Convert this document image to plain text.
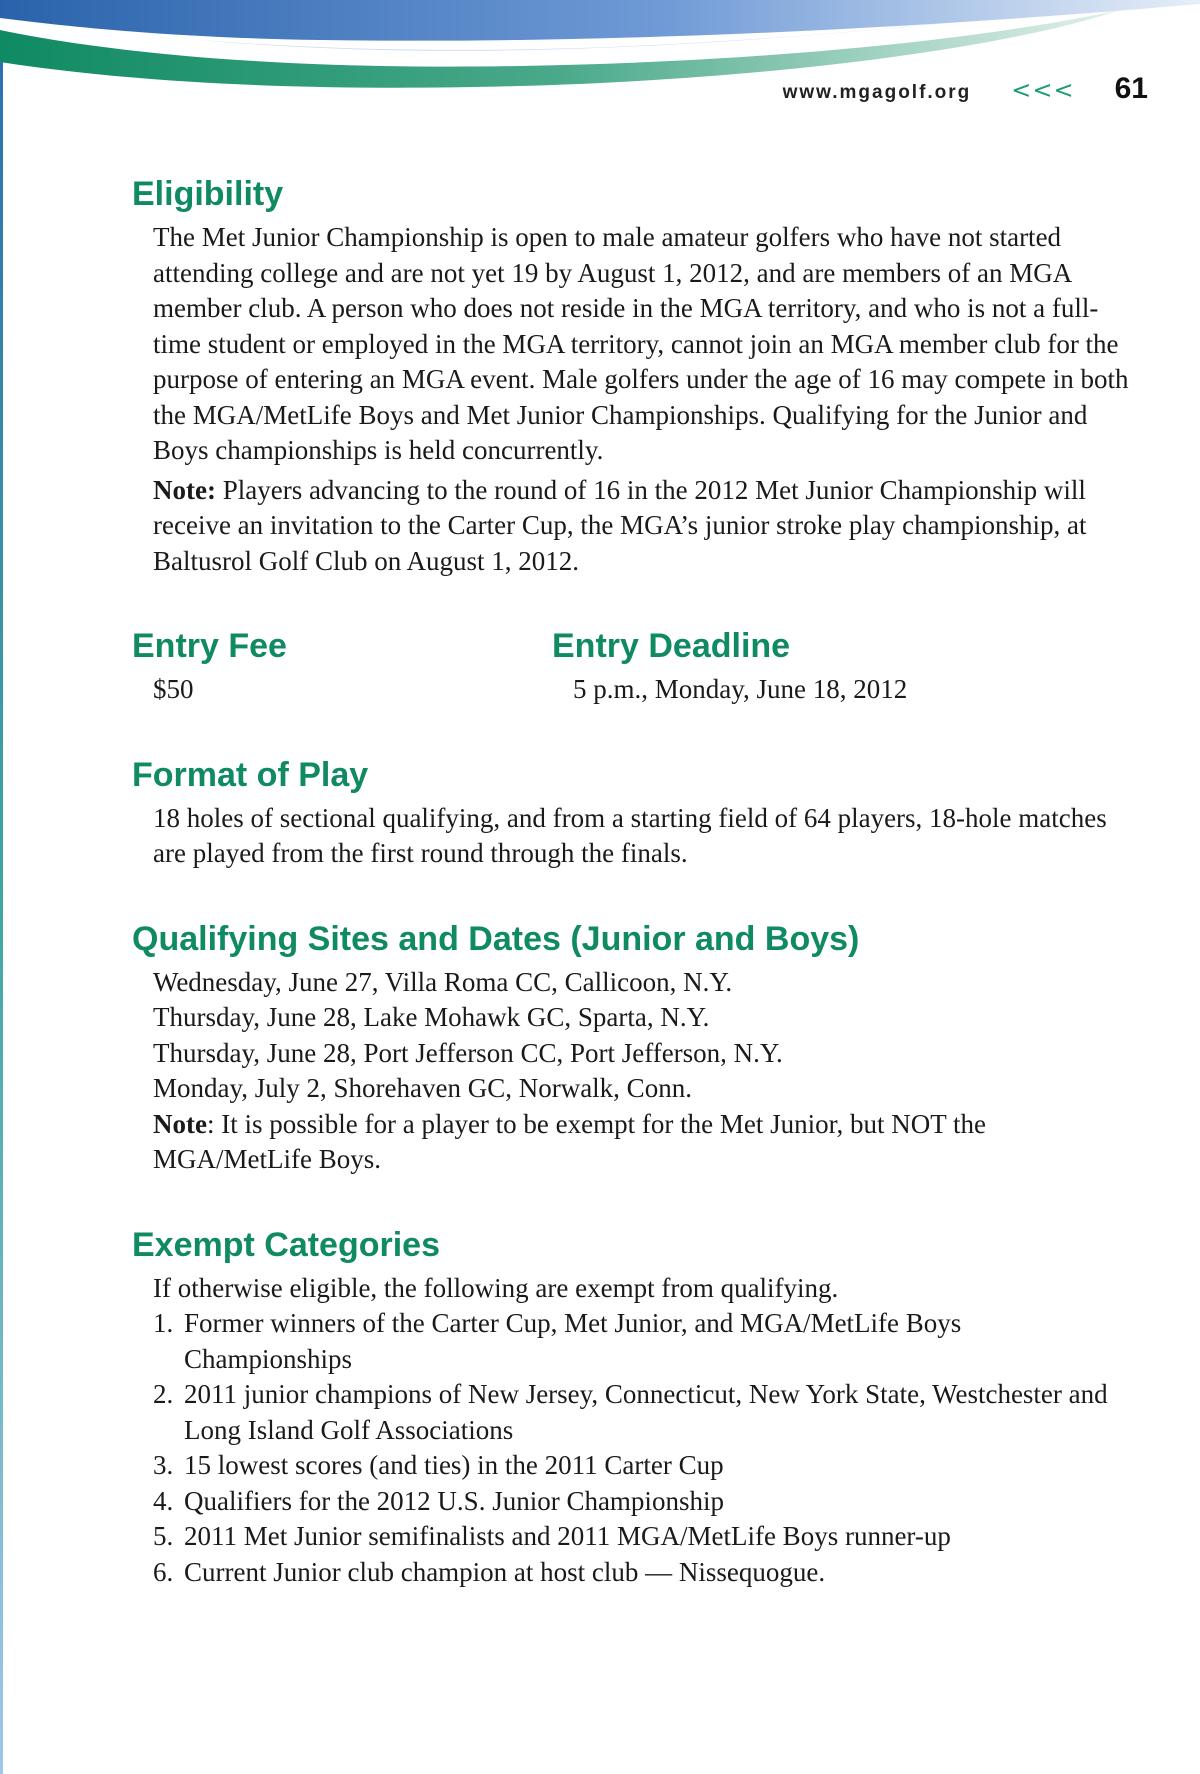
www.mgagolf.org <<< 61
Eligibility

The Met Junior Championship is open to male amateur golfers who have not started attending college and are not yet 19 by August 1, 2012, and are members of an MGA member club. A person who does not reside in the MGA territory, and who is not a full-time student or employed in the MGA territory, cannot join an MGA member club for the purpose of entering an MGA event. Male golfers under the age of 16 may compete in both the MGA/MetLife Boys and Met Junior Championships. Qualifying for the Junior and Boys championships is held concurrently.

Note: Players advancing to the round of 16 in the 2012 Met Junior Championship will receive an invitation to the Carter Cup, the MGA’s junior stroke play championship, at Baltusrol Golf Club on August 1, 2012.

Entry Fee

$50

Entry Deadline

5 p.m., Monday, June 18, 2012

Format of Play

18 holes of sectional qualifying, and from a starting field of 64 players, 18-hole matches are played from the first round through the finals.

Qualifying Sites and Dates (Junior and Boys)

Wednesday, June 27, Villa Roma CC, Callicoon, N.Y.

Thursday, June 28, Lake Mohawk GC, Sparta, N.Y.

Thursday, June 28, Port Jefferson CC, Port Jefferson, N.Y.

Monday, July 2, Shorehaven GC, Norwalk, Conn.

Note: It is possible for a player to be exempt for the Met Junior, but NOT the MGA/MetLife Boys.

Exempt Categories

If otherwise eligible, the following are exempt from qualifying.

1. Former winners of the Carter Cup, Met Junior, and MGA/MetLife Boys Championships
2. 2011 junior champions of New Jersey, Connecticut, New York State, Westchester and Long Island Golf Associations
3. 15 lowest scores (and ties) in the 2011 Carter Cup
4. Qualifiers for the 2012 U.S. Junior Championship
5. 2011 Met Junior semifinalists and 2011 MGA/MetLife Boys runner-up
6. Current Junior club champion at host club — Nissequogue.
